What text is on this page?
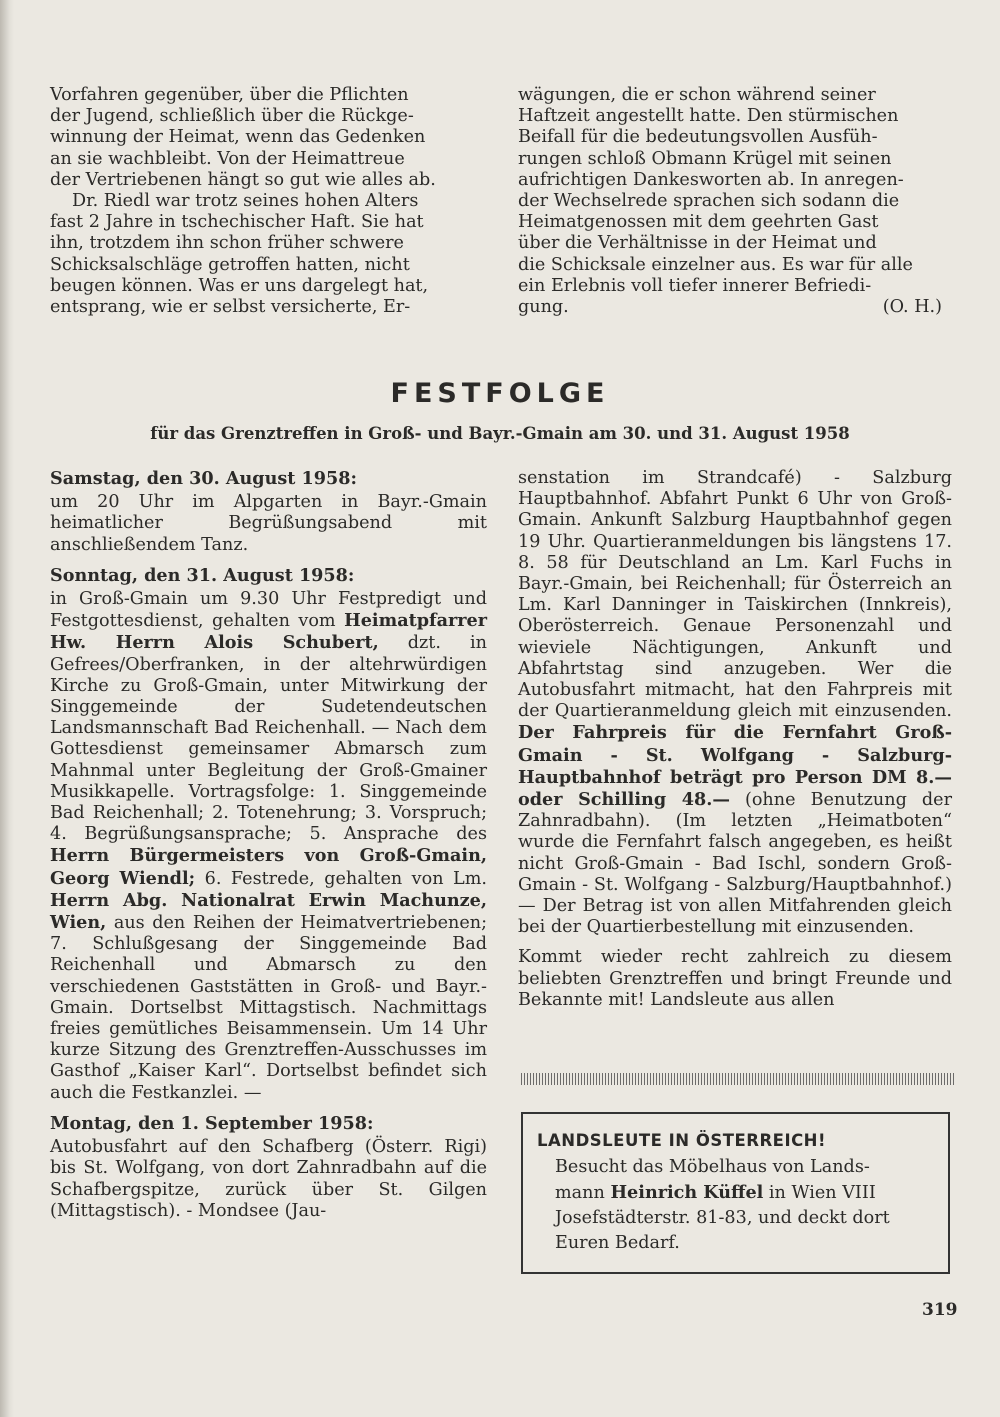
Vorfahren gegenüber, über die Pflichten

der Jugend, schließlich über die Rückge-

winnung der Heimat, wenn das Gedenken

an sie wachbleibt. Von der Heimattreue

der Vertriebenen hängt so gut wie alles ab.

Dr. Riedl war trotz seines hohen Alters

fast 2 Jahre in tschechischer Haft. Sie hat

ihn, trotzdem ihn schon früher schwere

Schicksalschläge getroffen hatten, nicht

beugen können. Was er uns dargelegt hat,

entsprang, wie er selbst versicherte, Er-

wägungen, die er schon während seiner

Haftzeit angestellt hatte. Den stürmischen

Beifall für die bedeutungsvollen Ausfüh-

rungen schloß Obmann Krügel mit seinen

aufrichtigen Dankesworten ab. In anregen-

der Wechselrede sprachen sich sodann die

Heimatgenossen mit dem geehrten Gast

über die Verhältnisse in der Heimat und

die Schicksale einzelner aus. Es war für alle

ein Erlebnis voll tiefer innerer Befriedi-

gung.	(O. H.)

FESTFOLGE
für das Grenztreffen in Groß- und Bayr.-Gmain am 30. und 31. August 1958
Samstag, den 30. August 1958:

um 20 Uhr im Alpgarten in Bayr.-Gmain heimatlicher Begrüßungsabend mit anschließendem Tanz.

Sonntag, den 31. August 1958:

in Groß-Gmain um 9.30 Uhr Festpredigt und Festgottesdienst, gehalten vom Heimatpfarrer Hw. Herrn Alois Schubert, dzt. in Gefrees/Oberfranken, in der altehrwürdigen Kirche zu Groß-Gmain, unter Mitwirkung der Singgemeinde der Sudetendeutschen Landsmannschaft Bad Reichenhall. — Nach dem Gottesdienst gemeinsamer Abmarsch zum Mahnmal unter Begleitung der Groß-Gmainer Musikkapelle. Vortragsfolge: 1. Singgemeinde Bad Reichenhall; 2. Totenehrung; 3. Vorspruch; 4. Begrüßungsansprache; 5. Ansprache des Herrn Bürgermeisters von Groß-Gmain, Georg Wiendl; 6. Festrede, gehalten von Lm. Herrn Abg. Nationalrat Erwin Machunze, Wien, aus den Reihen der Heimatvertriebenen; 7. Schlußgesang der Singgemeinde Bad Reichenhall und Abmarsch zu den verschiedenen Gaststätten in Groß- und Bayr.-Gmain. Dortselbst Mittagstisch. Nachmittags freies gemütliches Beisammensein. Um 14 Uhr kurze Sitzung des Grenztreffen-Ausschusses im Gasthof „Kaiser Karl“. Dortselbst befindet sich auch die Festkanzlei. —

Montag, den 1. September 1958:

Autobusfahrt auf den Schafberg (Österr. Rigi) bis St. Wolfgang, von dort Zahnradbahn auf die Schafbergspitze, zurück über St. Gilgen (Mittagstisch). - Mondsee (Jau-

senstation im Strandcafé) - Salzburg Hauptbahnhof. Abfahrt Punkt 6 Uhr von Groß-Gmain. Ankunft Salzburg Hauptbahnhof gegen 19 Uhr. Quartieranmeldungen bis längstens 17. 8. 58 für Deutschland an Lm. Karl Fuchs in Bayr.-Gmain, bei Reichenhall; für Österreich an Lm. Karl Danninger in Taiskirchen (Innkreis), Oberösterreich. Genaue Personenzahl und wieviele Nächtigungen, Ankunft und Abfahrtstag sind anzugeben. Wer die Autobusfahrt mitmacht, hat den Fahrpreis mit der Quartieranmeldung gleich mit einzusenden. Der Fahrpreis für die Fernfahrt Groß-Gmain - St. Wolfgang - Salzburg-Hauptbahnhof beträgt pro Person DM 8.— oder Schilling 48.— (ohne Benutzung der Zahnradbahn). (Im letzten „Heimatboten“ wurde die Fernfahrt falsch angegeben, es heißt nicht Groß-Gmain - Bad Ischl, sondern Groß-Gmain - St. Wolfgang - Salzburg/Hauptbahnhof.) — Der Betrag ist von allen Mitfahrenden gleich bei der Quartierbestellung mit einzusenden.

Kommt wieder recht zahlreich zu diesem beliebten Grenztreffen und bringt Freunde und Bekannte mit! Landsleute aus allen

LANDSLEUTE IN ÖSTERREICH!

Besucht das Möbelhaus von Lands-

mann Heinrich Küffel in Wien VIII

Josefstädterstr. 81-83, und deckt dort

Euren Bedarf.

319
